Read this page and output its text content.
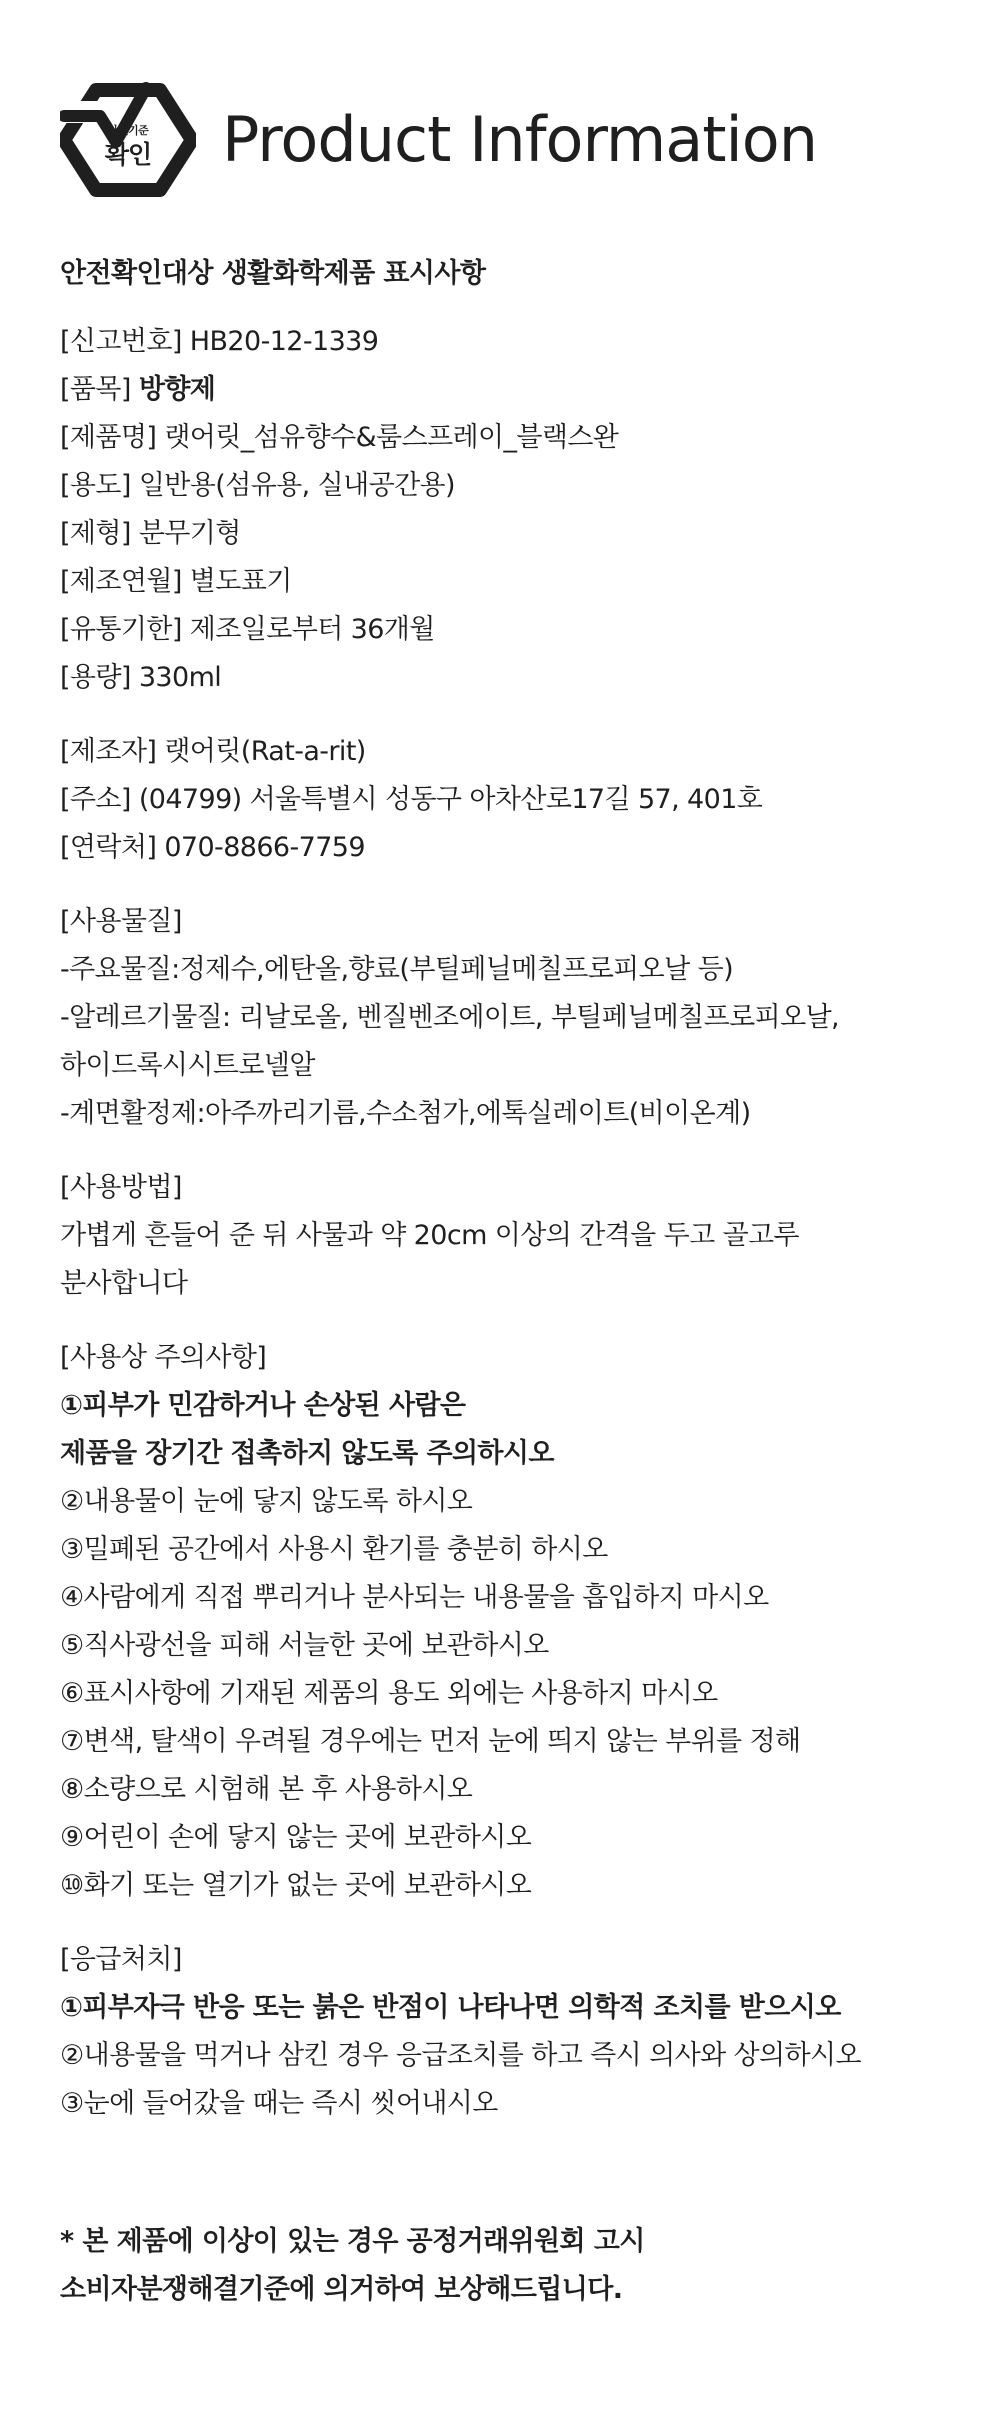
안전기준
확인 Product Information
안전확인대상 생활화학제품 표시사항
[신고번호] HB20-12-1339
[품목] 방향제
[제품명] 랫어릿_섬유향수&룸스프레이_블랙스완
[용도] 일반용(섬유용, 실내공간용)
[제형] 분무기형
[제조연월] 별도표기
[유통기한] 제조일로부터 36개월
[용량] 330ml
[제조자] 랫어릿(Rat-a-rit)
[주소] (04799) 서울특별시 성동구 아차산로17길 57, 401호
[연락처] 070-8866-7759
[사용물질]
-주요물질:정제수,에탄올,향료(부틸페닐메칠프로피오날 등)
-알레르기물질: 리날로올, 벤질벤조에이트, 부틸페닐메칠프로피오날,
하이드록시시트로넬알
-계면활정제:아주까리기름,수소첨가,에톡실레이트(비이온계)
[사용방법]
가볍게 흔들어 준 뒤 사물과 약 20cm 이상의 간격을 두고 골고루
분사합니다
[사용상 주의사항]
①피부가 민감하거나 손상된 사람은
제품을 장기간 접촉하지 않도록 주의하시오
②내용물이 눈에 닿지 않도록 하시오
③밀폐된 공간에서 사용시 환기를 충분히 하시오
④사람에게 직접 뿌리거나 분사되는 내용물을 흡입하지 마시오
⑤직사광선을 피해 서늘한 곳에 보관하시오
⑥표시사항에 기재된 제품의 용도 외에는 사용하지 마시오
⑦변색, 탈색이 우려될 경우에는 먼저 눈에 띄지 않는 부위를 정해
⑧소량으로 시험해 본 후 사용하시오
⑨어린이 손에 닿지 않는 곳에 보관하시오
⑩화기 또는 열기가 없는 곳에 보관하시오
[응급처치]
①피부자극 반응 또는 붉은 반점이 나타나면 의학적 조치를 받으시오
②내용물을 먹거나 삼킨 경우 응급조치를 하고 즉시 의사와 상의하시오
③눈에 들어갔을 때는 즉시 씻어내시오
* 본 제품에 이상이 있는 경우 공정거래위원회 고시
소비자분쟁해결기준에 의거하여 보상해드립니다.
